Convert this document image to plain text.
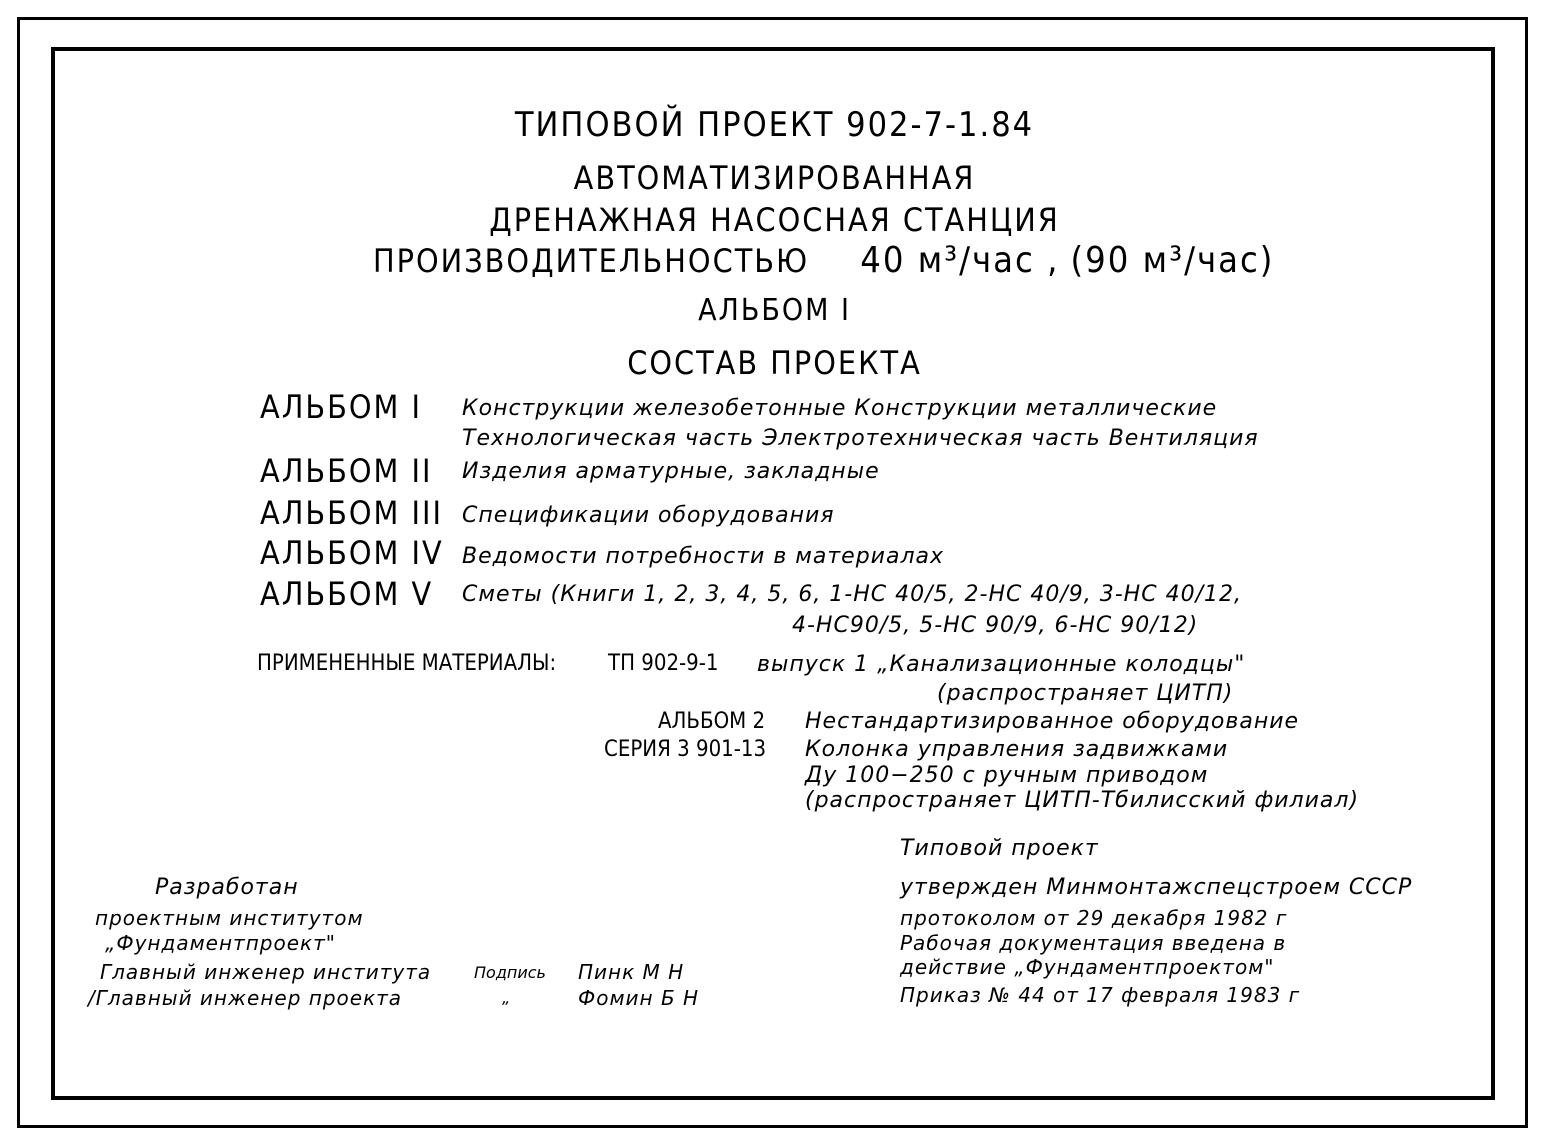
ТИПОВОЙ ПРОЕКТ 902-7-1.84
АВТОМАТИЗИРОВАННАЯ
ДРЕНАЖНАЯ НАСОСНАЯ СТАНЦИЯ
ПРОИЗВОДИТЕЛЬНОСТЬЮ 40 м³/час , (90 м³/час)
АЛЬБОМ I
СОСТАВ ПРОЕКТА
АЛЬБОМ I Конструкции железобетонные Конструкции металлические
Технологическая часть Электротехническая часть Вентиляция
АЛЬБОМ II Изделия арматурные, закладные
АЛЬБОМ III Спецификации оборудования
АЛЬБОМ IV Ведомости потребности в материалах
АЛЬБОМ V Сметы (Книги 1, 2, 3, 4, 5, 6, 1-НС 40/5, 2-НС 40/9, 3-НС 40/12,
4-НС90/5, 5-НС 90/9, 6-НС 90/12)
ПРИМЕНЕННЫЕ МАТЕРИАЛЫ: ТП 902-9-1 выпуск 1 „Канализационные колодцы"
(распространяет ЦИТП)
АЛЬБОМ 2 Нестандартизированное оборудование
СЕРИЯ 3 901-13 Колонка управления задвижками
Ду 100−250 с ручным приводом
(распространяет ЦИТП-Тбилисский филиал)
Типовой проект
утвержден Минмонтажспецстроем СССР
протоколом от 29 декабря 1982 г
Рабочая документация введена в
действие „Фундаментпроектом"
Приказ № 44 от 17 февраля 1983 г
Разработан
проектным институтом
„Фундаментпроект"
Главный инженер института
/Главный инженер проекта
Подпись
„
Пинк М Н
Фомин Б Н
